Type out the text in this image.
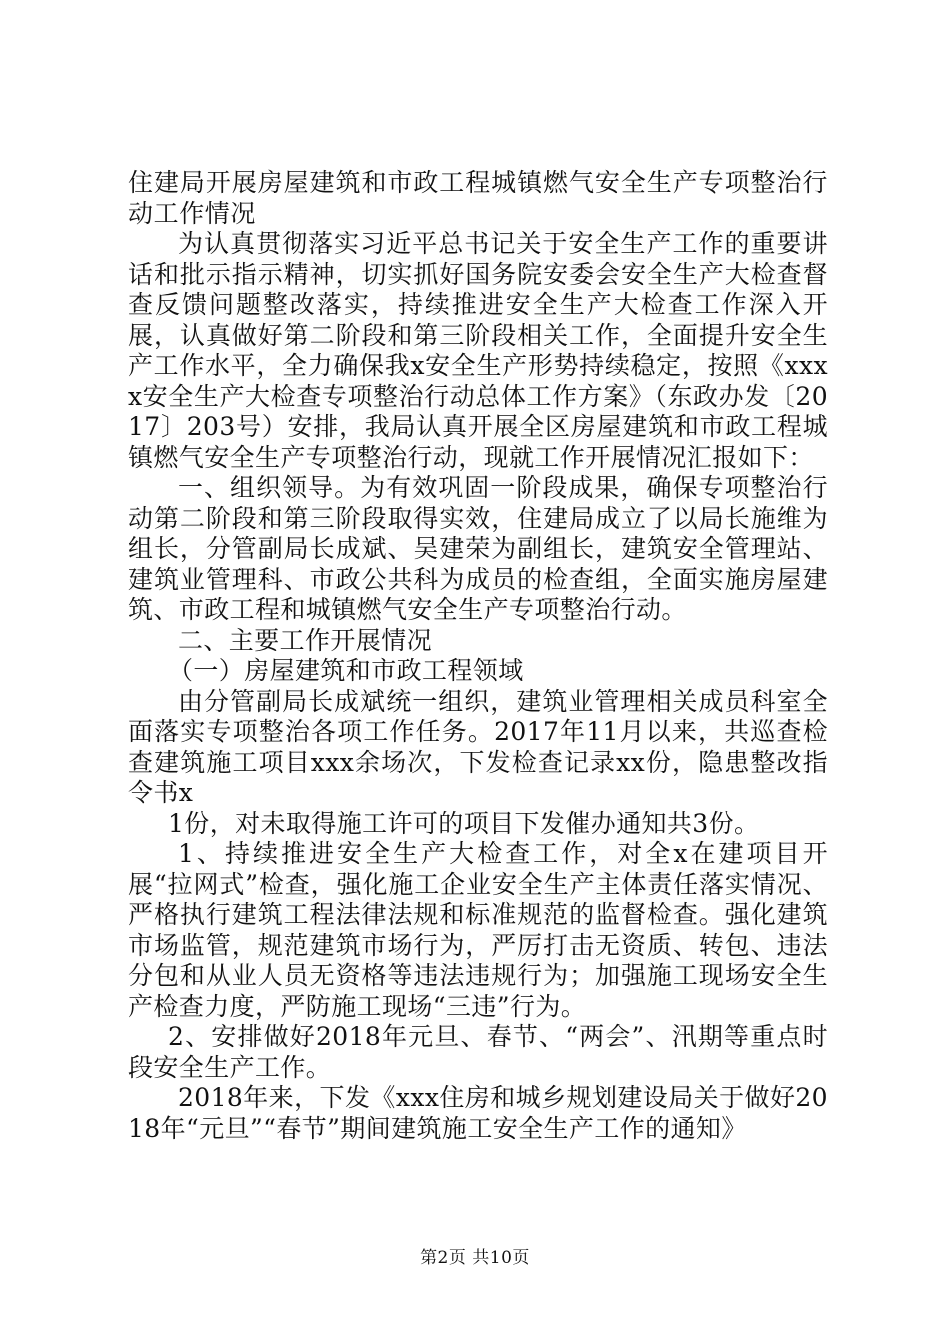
住建局开展房屋建筑和市政工程城镇燃气安全生产专项整治行动工作情况

为认真贯彻落实习近平总书记关于安全生产工作的重要讲话和批示指示精神，切实抓好国务院安委会安全生产大检查督查反馈问题整改落实，持续推进安全生产大检查工作深入开展，认真做好第二阶段和第三阶段相关工作，全面提升安全生产工作水平，全力确保我x安全生产形势持续稳定，按照《xxxx安全生产大检查专项整治行动总体工作方案》（东政办发〔2017〕203号）安排，我局认真开展全区房屋建筑和市政工程城镇燃气安全生产专项整治行动，现就工作开展情况汇报如下：

一、组织领导。为有效巩固一阶段成果，确保专项整治行动第二阶段和第三阶段取得实效，住建局成立了以局长施维为组长，分管副局长成斌、吴建荣为副组长，建筑安全管理站、建筑业管理科、市政公共科为成员的检查组，全面实施房屋建筑、市政工程和城镇燃气安全生产专项整治行动。

二、主要工作开展情况

（一）房屋建筑和市政工程领域

由分管副局长成斌统一组织，建筑业管理相关成员科室全面落实专项整治各项工作任务。2017年11月以来，共巡查检查建筑施工项目xxx余场次，下发检查记录xx份，隐患整改指令书x

1份，对未取得施工许可的项目下发催办通知共3份。

1、持续推进安全生产大检查工作，对全x在建项目开展“拉网式”检查，强化施工企业安全生产主体责任落实情况、严格执行建筑工程法律法规和标准规范的监督检查。强化建筑市场监管，规范建筑市场行为，严厉打击无资质、转包、违法分包和从业人员无资格等违法违规行为；加强施工现场安全生产检查力度，严防施工现场“三违”行为。

2、安排做好2018年元旦、春节、“两会”、汛期等重点时段安全生产工作。

2018年来，下发《xxx住房和城乡规划建设局关于做好2018年“元旦”“春节”期间建筑施工安全生产工作的通知》

第2页 共10页
